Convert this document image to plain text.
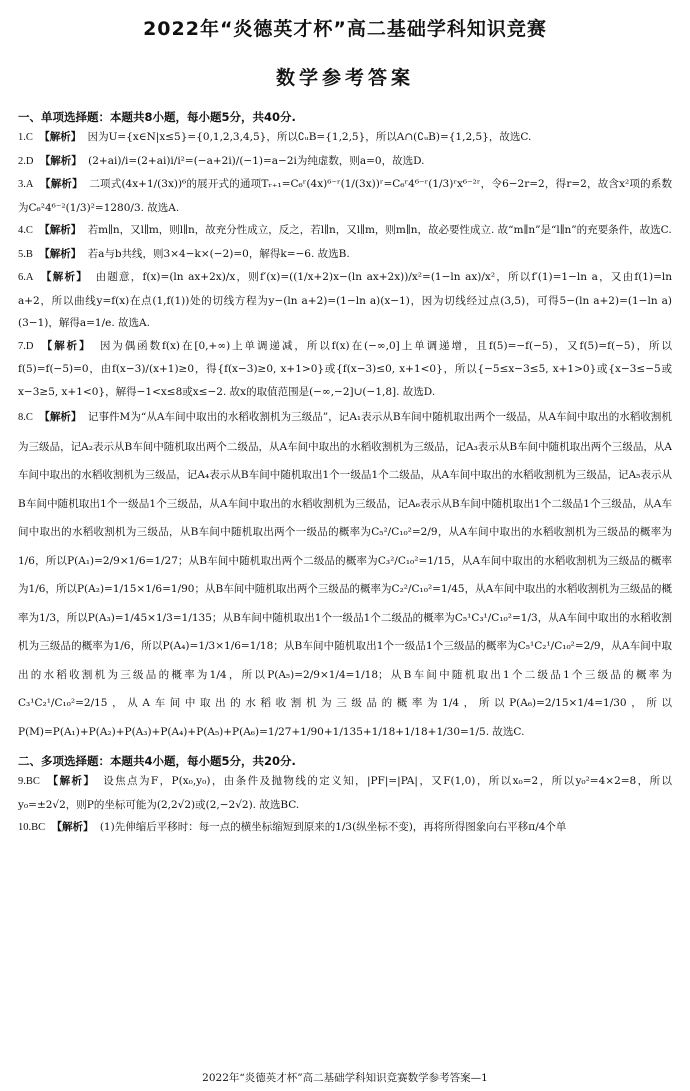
2022年“炎德英才杯”高二基础学科知识竞赛
数学参考答案
一、单项选择题：本题共8小题，每小题5分，共40分.
1.C 【解析】 因为U={x∈N|x≤5}={0,1,2,3,4,5}，所以∁ᵤB={1,2,5}，所以A∩(∁ᵤB)={1,2,5}，故选C.
2.D 【解析】 (2+ai)/i=(2+ai)i/i²=(−a+2i)/(−1)=a−2i为纯虚数，则a=0，故选D.
3.A 【解析】 二项式(4x+1/(3x))⁶的展开式的通项Tᵣ₊₁=C₆ʳ(4x)⁶⁻ʳ(1/(3x))ʳ=C₆ʳ4⁶⁻ʳ(1/3)ʳx⁶⁻²ʳ，令6−2r=2，得r=2，故含x²项的系数为C₆²4⁶⁻²(1/3)²=1280/3. 故选A.
4.C 【解析】 若m∥n，又l∥m，则l∥n，故充分性成立，反之，若l∥n，又l∥m，则m∥n，故必要性成立. 故“m∥n”是“l∥n”的充要条件，故选C.
5.B 【解析】 若a与b共线，则3×4−k×(−2)=0，解得k=−6. 故选B.
6.A 【解析】 由题意，f(x)=(ln ax+2x)/x，则f′(x)=((1/x+2)x−(ln ax+2x))/x²=(1−ln ax)/x²，所以f′(1)=1−ln a，又由f(1)=ln a+2，所以曲线y=f(x)在点(1,f(1))处的切线方程为y−(ln a+2)=(1−ln a)(x−1)，因为切线经过点(3,5)，可得5−(ln a+2)=(1−ln a)(3−1)，解得a=1/e. 故选A.
7.D 【解析】 因为偶函数f(x)在[0,+∞)上单调递减，所以f(x)在(−∞,0]上单调递增，且f(5)=−f(−5)，又f(5)=f(−5)，所以f(5)=f(−5)=0，由f(x−3)/(x+1)≥0，得{f(x−3)≥0, x+1>0}或{f(x−3)≤0, x+1<0}，所以{−5≤x−3≤5, x+1>0}或{x−3≤−5或x−3≥5, x+1<0}，解得−1<x≤8或x≤−2. 故x的取值范围是(−∞,−2]∪(−1,8]. 故选D.
8.C 【解析】 记事件M为“从A车间中取出的水稻收割机为三级品”，记A₁表示从B车间中随机取出两个一级品，从A车间中取出的水稻收割机为三级品，记A₂表示从B车间中随机取出两个二级品，从A车间中取出的水稻收割机为三级品，记A₃表示从B车间中随机取出两个三级品，从A车间中取出的水稻收割机为三级品，记A₄表示从B车间中随机取出1个一级品1个二级品，从A车间中取出的水稻收割机为三级品，记A₅表示从B车间中随机取出1个一级品1个三级品，从A车间中取出的水稻收割机为三级品，记A₆表示从B车间中随机取出1个二级品1个三级品，从A车间中取出的水稻收割机为三级品，从B车间中随机取出两个一级品的概率为C₅²/C₁₀²=2/9，从A车间中取出的水稻收割机为三级品的概率为1/6，所以P(A₁)=2/9×1/6=1/27；从B车间中随机取出两个二级品的概率为C₃²/C₁₀²=1/15，从A车间中取出的水稻收割机为三级品的概率为1/6，所以P(A₂)=1/15×1/6=1/90；从B车间中随机取出两个三级品的概率为C₂²/C₁₀²=1/45，从A车间中取出的水稻收割机为三级品的概率为1/3，所以P(A₃)=1/45×1/3=1/135；从B车间中随机取出1个一级品1个二级品的概率为C₅¹C₃¹/C₁₀²=1/3，从A车间中取出的水稻收割机为三级品的概率为1/6，所以P(A₄)=1/3×1/6=1/18；从B车间中随机取出1个一级品1个三级品的概率为C₅¹C₂¹/C₁₀²=2/9，从A车间中取出的水稻收割机为三级品的概率为1/4，所以P(A₅)=2/9×1/4=1/18；从B车间中随机取出1个二级品1个三级品的概率为C₃¹C₂¹/C₁₀²=2/15，从A车间中取出的水稻收割机为三级品的概率为1/4，所以P(A₆)=2/15×1/4=1/30，所以P(M)=P(A₁)+P(A₂)+P(A₃)+P(A₄)+P(A₅)+P(A₆)=1/27+1/90+1/135+1/18+1/18+1/30=1/5. 故选C.
二、多项选择题：本题共4小题，每小题5分，共20分.
9.BC 【解析】 设焦点为F，P(x₀,y₀)，由条件及抛物线的定义知，|PF|=|PA|，又F(1,0)，所以x₀=2，所以y₀²=4×2=8，所以y₀=±2√2，则P的坐标可能为(2,2√2)或(2,−2√2). 故选BC.
10.BC 【解析】 (1)先伸缩后平移时：每一点的横坐标缩短到原来的1/3(纵坐标不变)，再将所得图象向右平移π/4个单
2022年“炎德英才杯”高二基础学科知识竞赛数学参考答案—1
